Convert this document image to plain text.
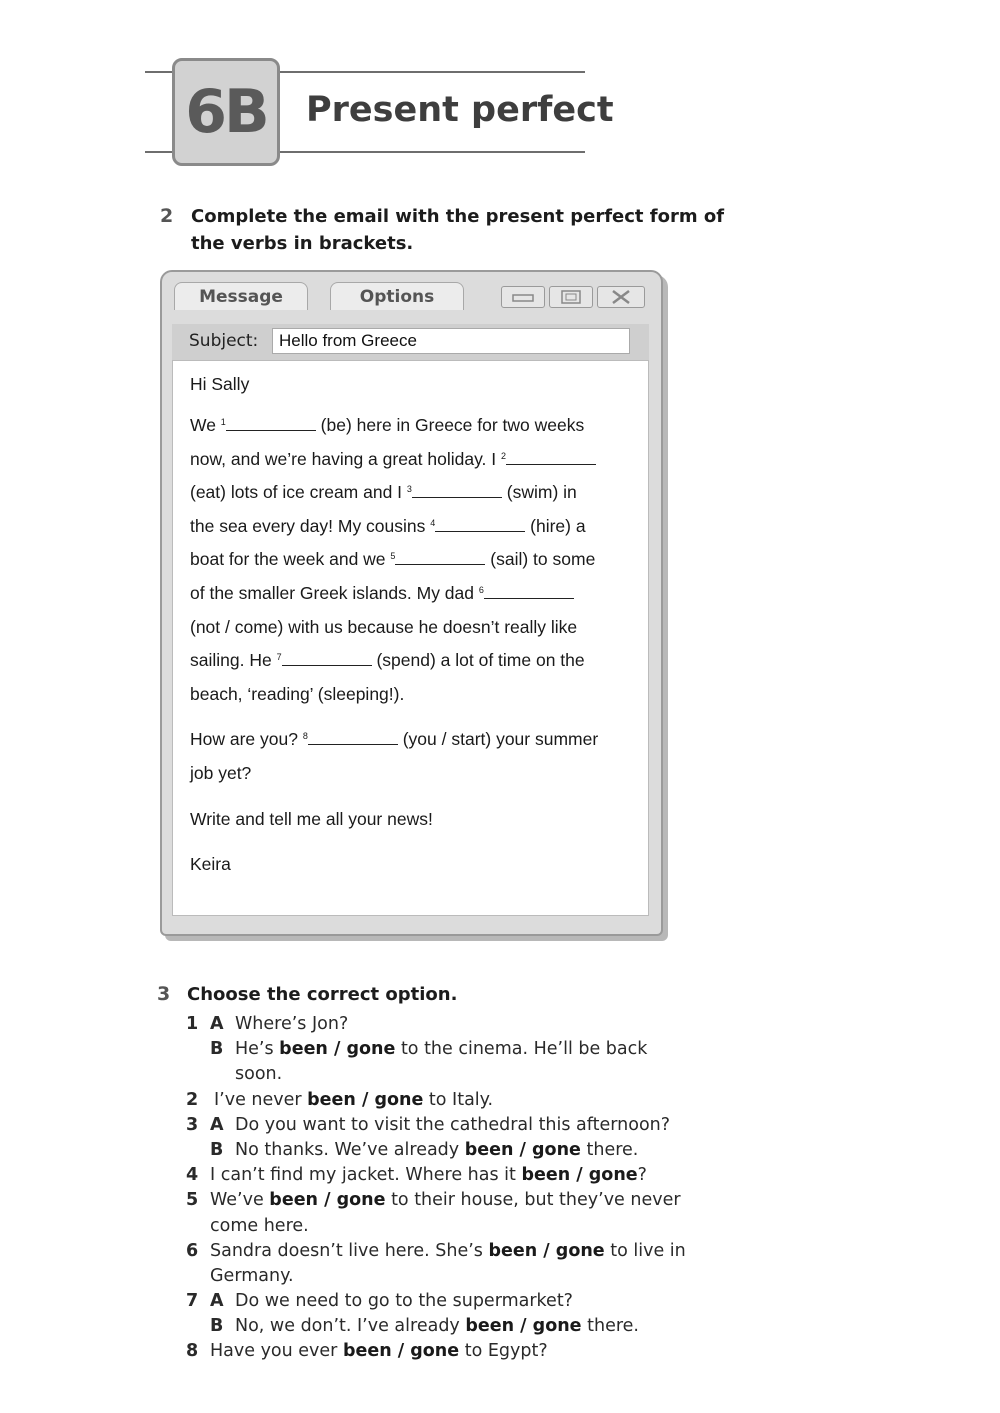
6B	Present perfect
2 Complete the email with the present perfect form of
the verbs in brackets.
Message	Options
Subject:
Hello from Greece

Hi Sally

We $^1$	(be) here in Greece for two weeks
now, and we’re having a great holiday. I $^2$
(eat) lots of ice cream and I $^3$	(swim) in
the sea every day! My cousins $^4$	(hire) a
boat for the week and we $^5$	(sail) to some
of the smaller Greek islands. My dad $^6$
(not / come) with us because he doesn’t really like
sailing. He $^7$	(spend) a lot of time on the
beach, ‘reading’ (sleeping!).

How are you? $^8$	(you / start) your summer
job yet?

Write and tell me all your news!

Keira

3 Choose the correct option.
1 A Where’s Jon?
B He’s been / gone to the cinema. He’ll be back
soon.
2 I’ve never been / gone to Italy.
3 A Do you want to visit the cathedral this afternoon?
B No thanks. We’ve already been / gone there.
4 I can’t find my jacket. Where has it been / gone?
5 We’ve been / gone to their house, but they’ve never
come here.
6 Sandra doesn’t live here. She’s been / gone to live in
Germany.
7 A Do we need to go to the supermarket?
B No, we don’t. I’ve already been / gone there.
8 Have you ever been / gone to Egypt?
